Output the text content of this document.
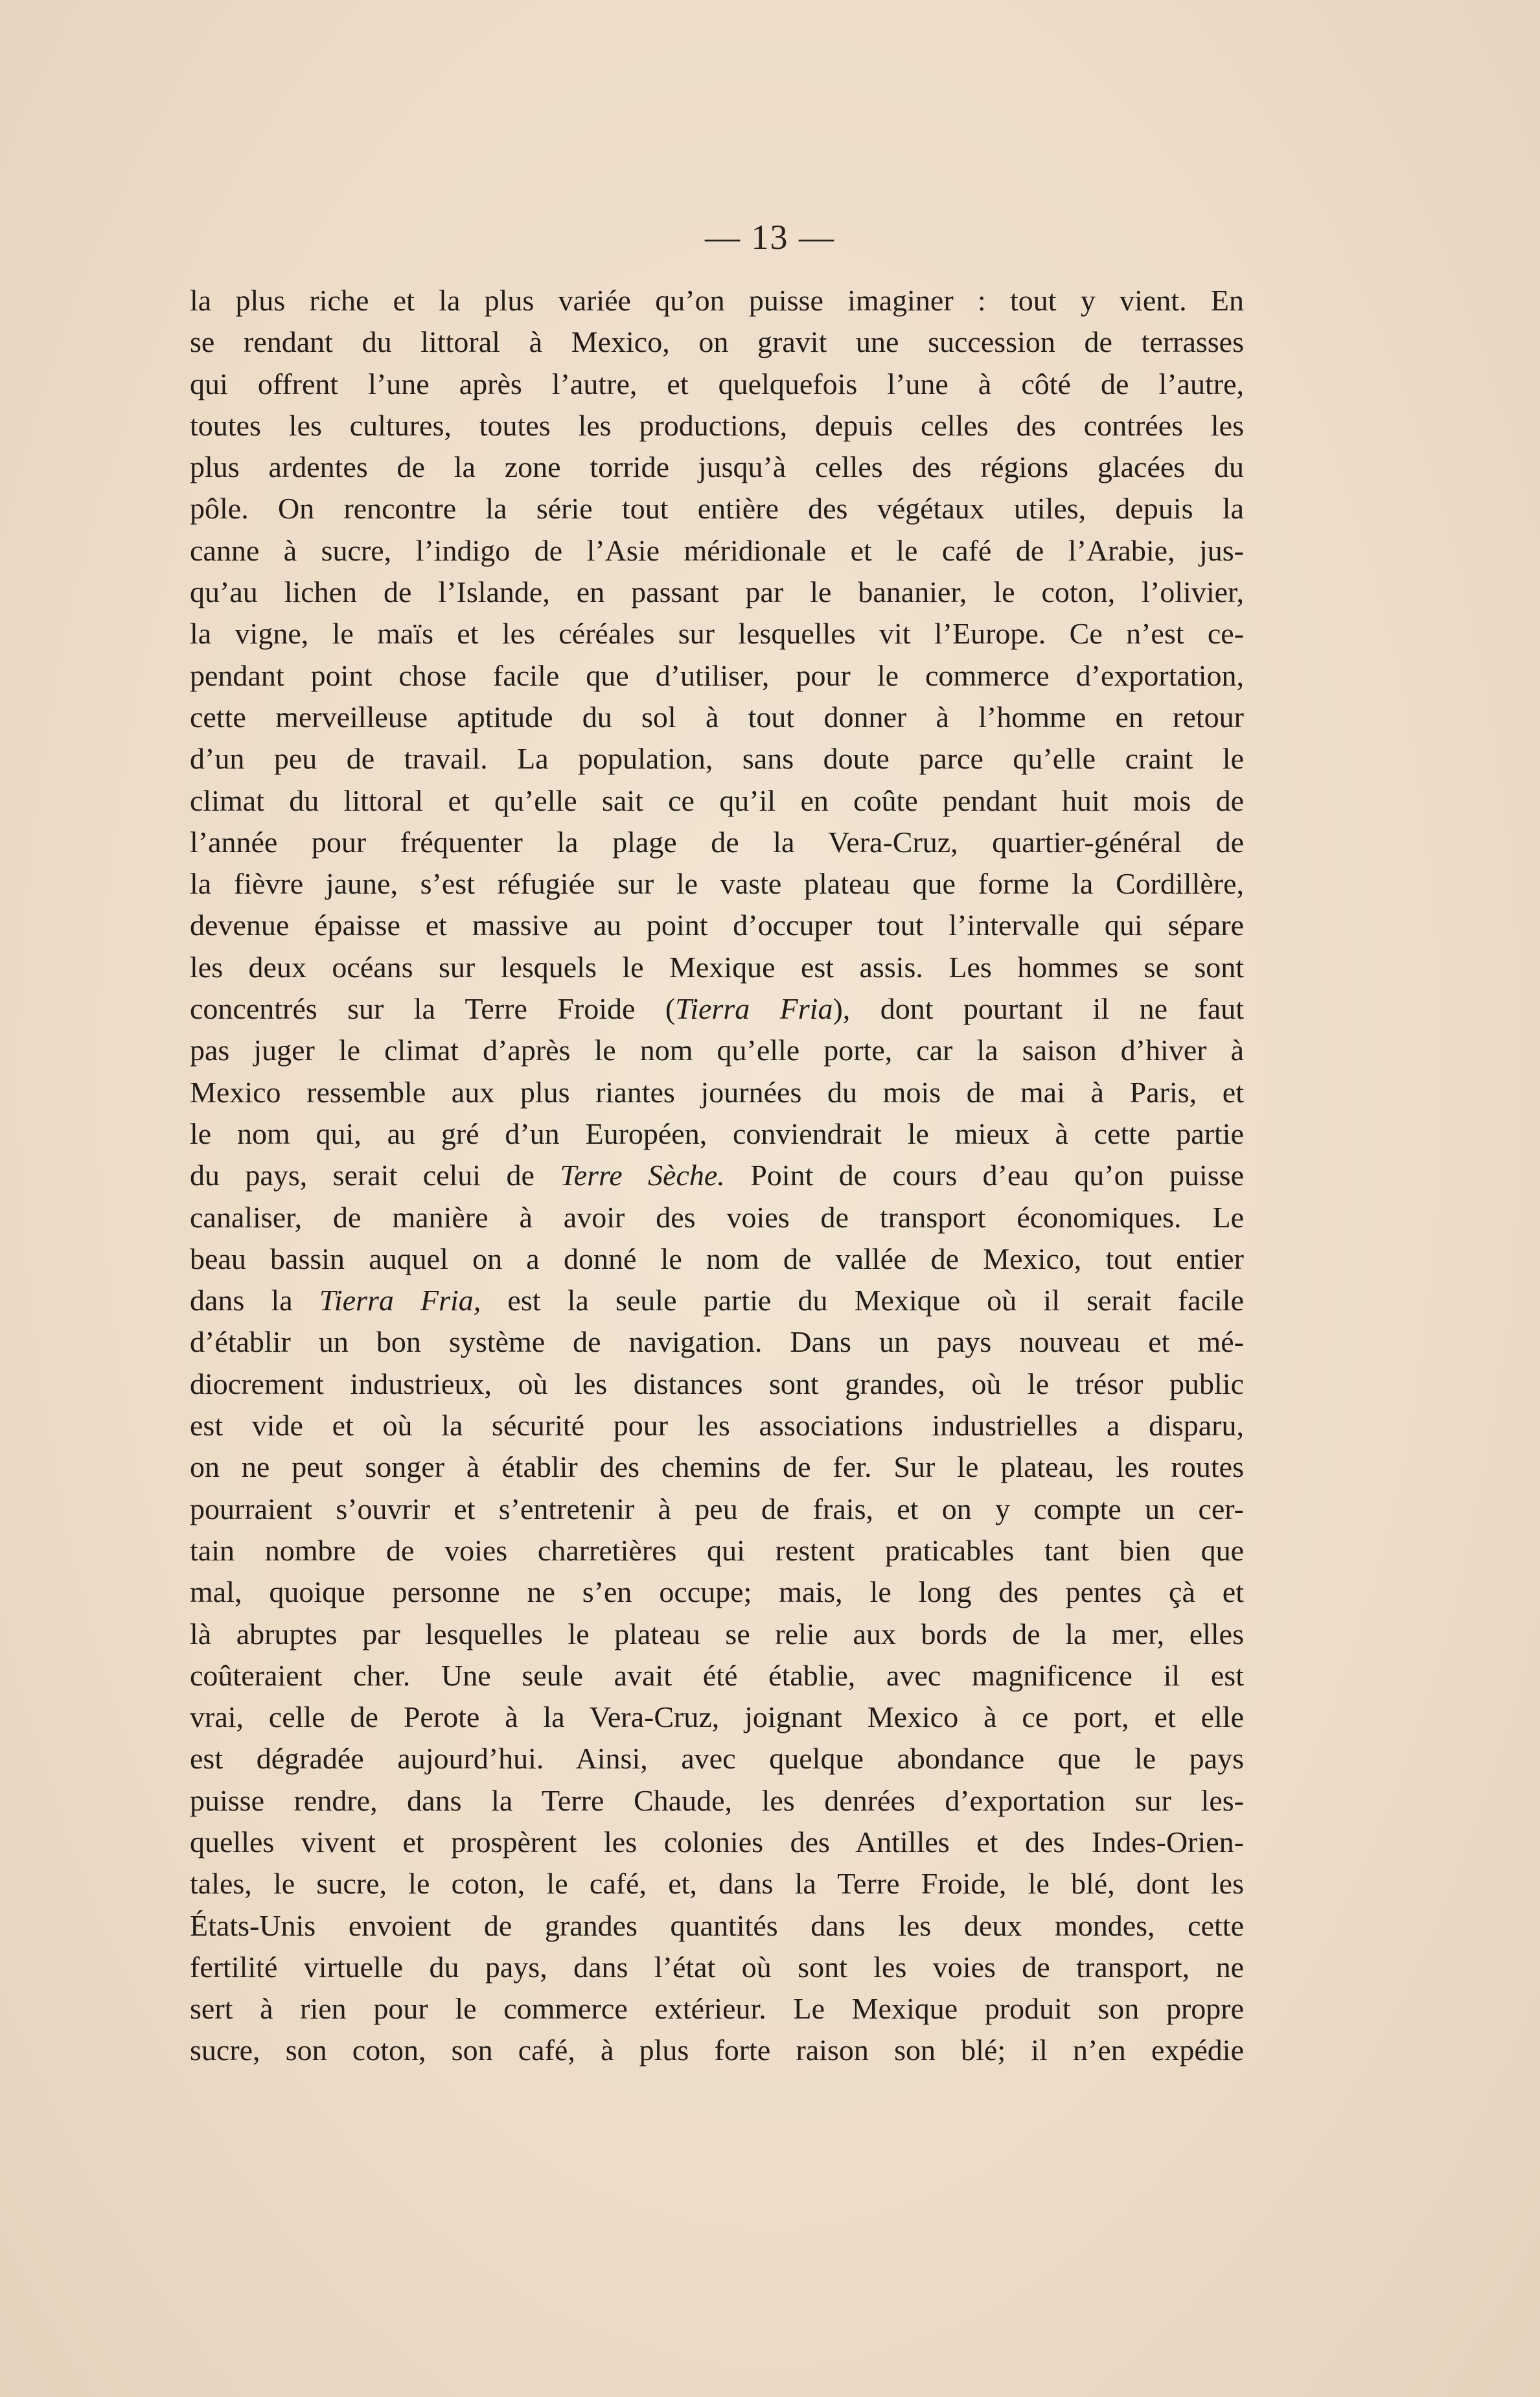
— 13 —
la plus riche et la plus variée qu’on puisse imaginer : tout y vient. En
se rendant du littoral à Mexico, on gravit une succession de terrasses
qui offrent l’une après l’autre, et quelquefois l’une à côté de l’autre,
toutes les cultures, toutes les productions, depuis celles des contrées les
plus ardentes de la zone torride jusqu’à celles des régions glacées du
pôle. On rencontre la série tout entière des végétaux utiles, depuis la
canne à sucre, l’indigo de l’Asie méridionale et le café de l’Arabie, jus-
qu’au lichen de l’Islande, en passant par le bananier, le coton, l’olivier,
la vigne, le maïs et les céréales sur lesquelles vit l’Europe. Ce n’est ce-
pendant point chose facile que d’utiliser, pour le commerce d’exportation,
cette merveilleuse aptitude du sol à tout donner à l’homme en retour
d’un peu de travail. La population, sans doute parce qu’elle craint le
climat du littoral et qu’elle sait ce qu’il en coûte pendant huit mois de
l’année pour fréquenter la plage de la Vera-Cruz, quartier-général de
la fièvre jaune, s’est réfugiée sur le vaste plateau que forme la Cordillère,
devenue épaisse et massive au point d’occuper tout l’intervalle qui sépare
les deux océans sur lesquels le Mexique est assis. Les hommes se sont
concentrés sur la Terre Froide (Tierra Fria), dont pourtant il ne faut
pas juger le climat d’après le nom qu’elle porte, car la saison d’hiver à
Mexico ressemble aux plus riantes journées du mois de mai à Paris, et
le nom qui, au gré d’un Européen, conviendrait le mieux à cette partie
du pays, serait celui de Terre Sèche. Point de cours d’eau qu’on puisse
canaliser, de manière à avoir des voies de transport économiques. Le
beau bassin auquel on a donné le nom de vallée de Mexico, tout entier
dans la Tierra Fria, est la seule partie du Mexique où il serait facile
d’établir un bon système de navigation. Dans un pays nouveau et mé-
diocrement industrieux, où les distances sont grandes, où le trésor public
est vide et où la sécurité pour les associations industrielles a disparu,
on ne peut songer à établir des chemins de fer. Sur le plateau, les routes
pourraient s’ouvrir et s’entretenir à peu de frais, et on y compte un cer-
tain nombre de voies charretières qui restent praticables tant bien que
mal, quoique personne ne s’en occupe; mais, le long des pentes çà et
là abruptes par lesquelles le plateau se relie aux bords de la mer, elles
coûteraient cher. Une seule avait été établie, avec magnificence il est
vrai, celle de Perote à la Vera-Cruz, joignant Mexico à ce port, et elle
est dégradée aujourd’hui. Ainsi, avec quelque abondance que le pays
puisse rendre, dans la Terre Chaude, les denrées d’exportation sur les-
quelles vivent et prospèrent les colonies des Antilles et des Indes-Orien-
tales, le sucre, le coton, le café, et, dans la Terre Froide, le blé, dont les
États-Unis envoient de grandes quantités dans les deux mondes, cette
fertilité virtuelle du pays, dans l’état où sont les voies de transport, ne
sert à rien pour le commerce extérieur. Le Mexique produit son propre
sucre, son coton, son café, à plus forte raison son blé; il n’en expédie
